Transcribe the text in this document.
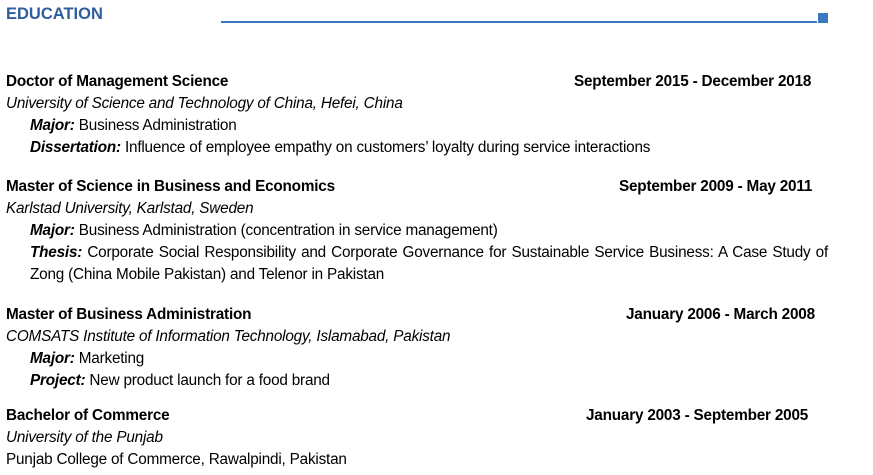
EDUCATION
Doctor of Management Science	September 2015 - December 2018
University of Science and Technology of China, Hefei, China
Major: Business Administration
Dissertation: Influence of employee empathy on customers’ loyalty during service interactions
Master of Science in Business and Economics	September 2009 - May 2011
Karlstad University, Karlstad, Sweden
Major: Business Administration (concentration in service management)
Thesis: Corporate Social Responsibility and Corporate Governance for Sustainable Service Business: A Case Study of Zong (China Mobile Pakistan) and Telenor in Pakistan
Master of Business Administration	January 2006 - March 2008
COMSATS Institute of Information Technology, Islamabad, Pakistan
Major: Marketing
Project: New product launch for a food brand
Bachelor of Commerce	January 2003 - September 2005
University of the Punjab
Punjab College of Commerce, Rawalpindi, Pakistan
